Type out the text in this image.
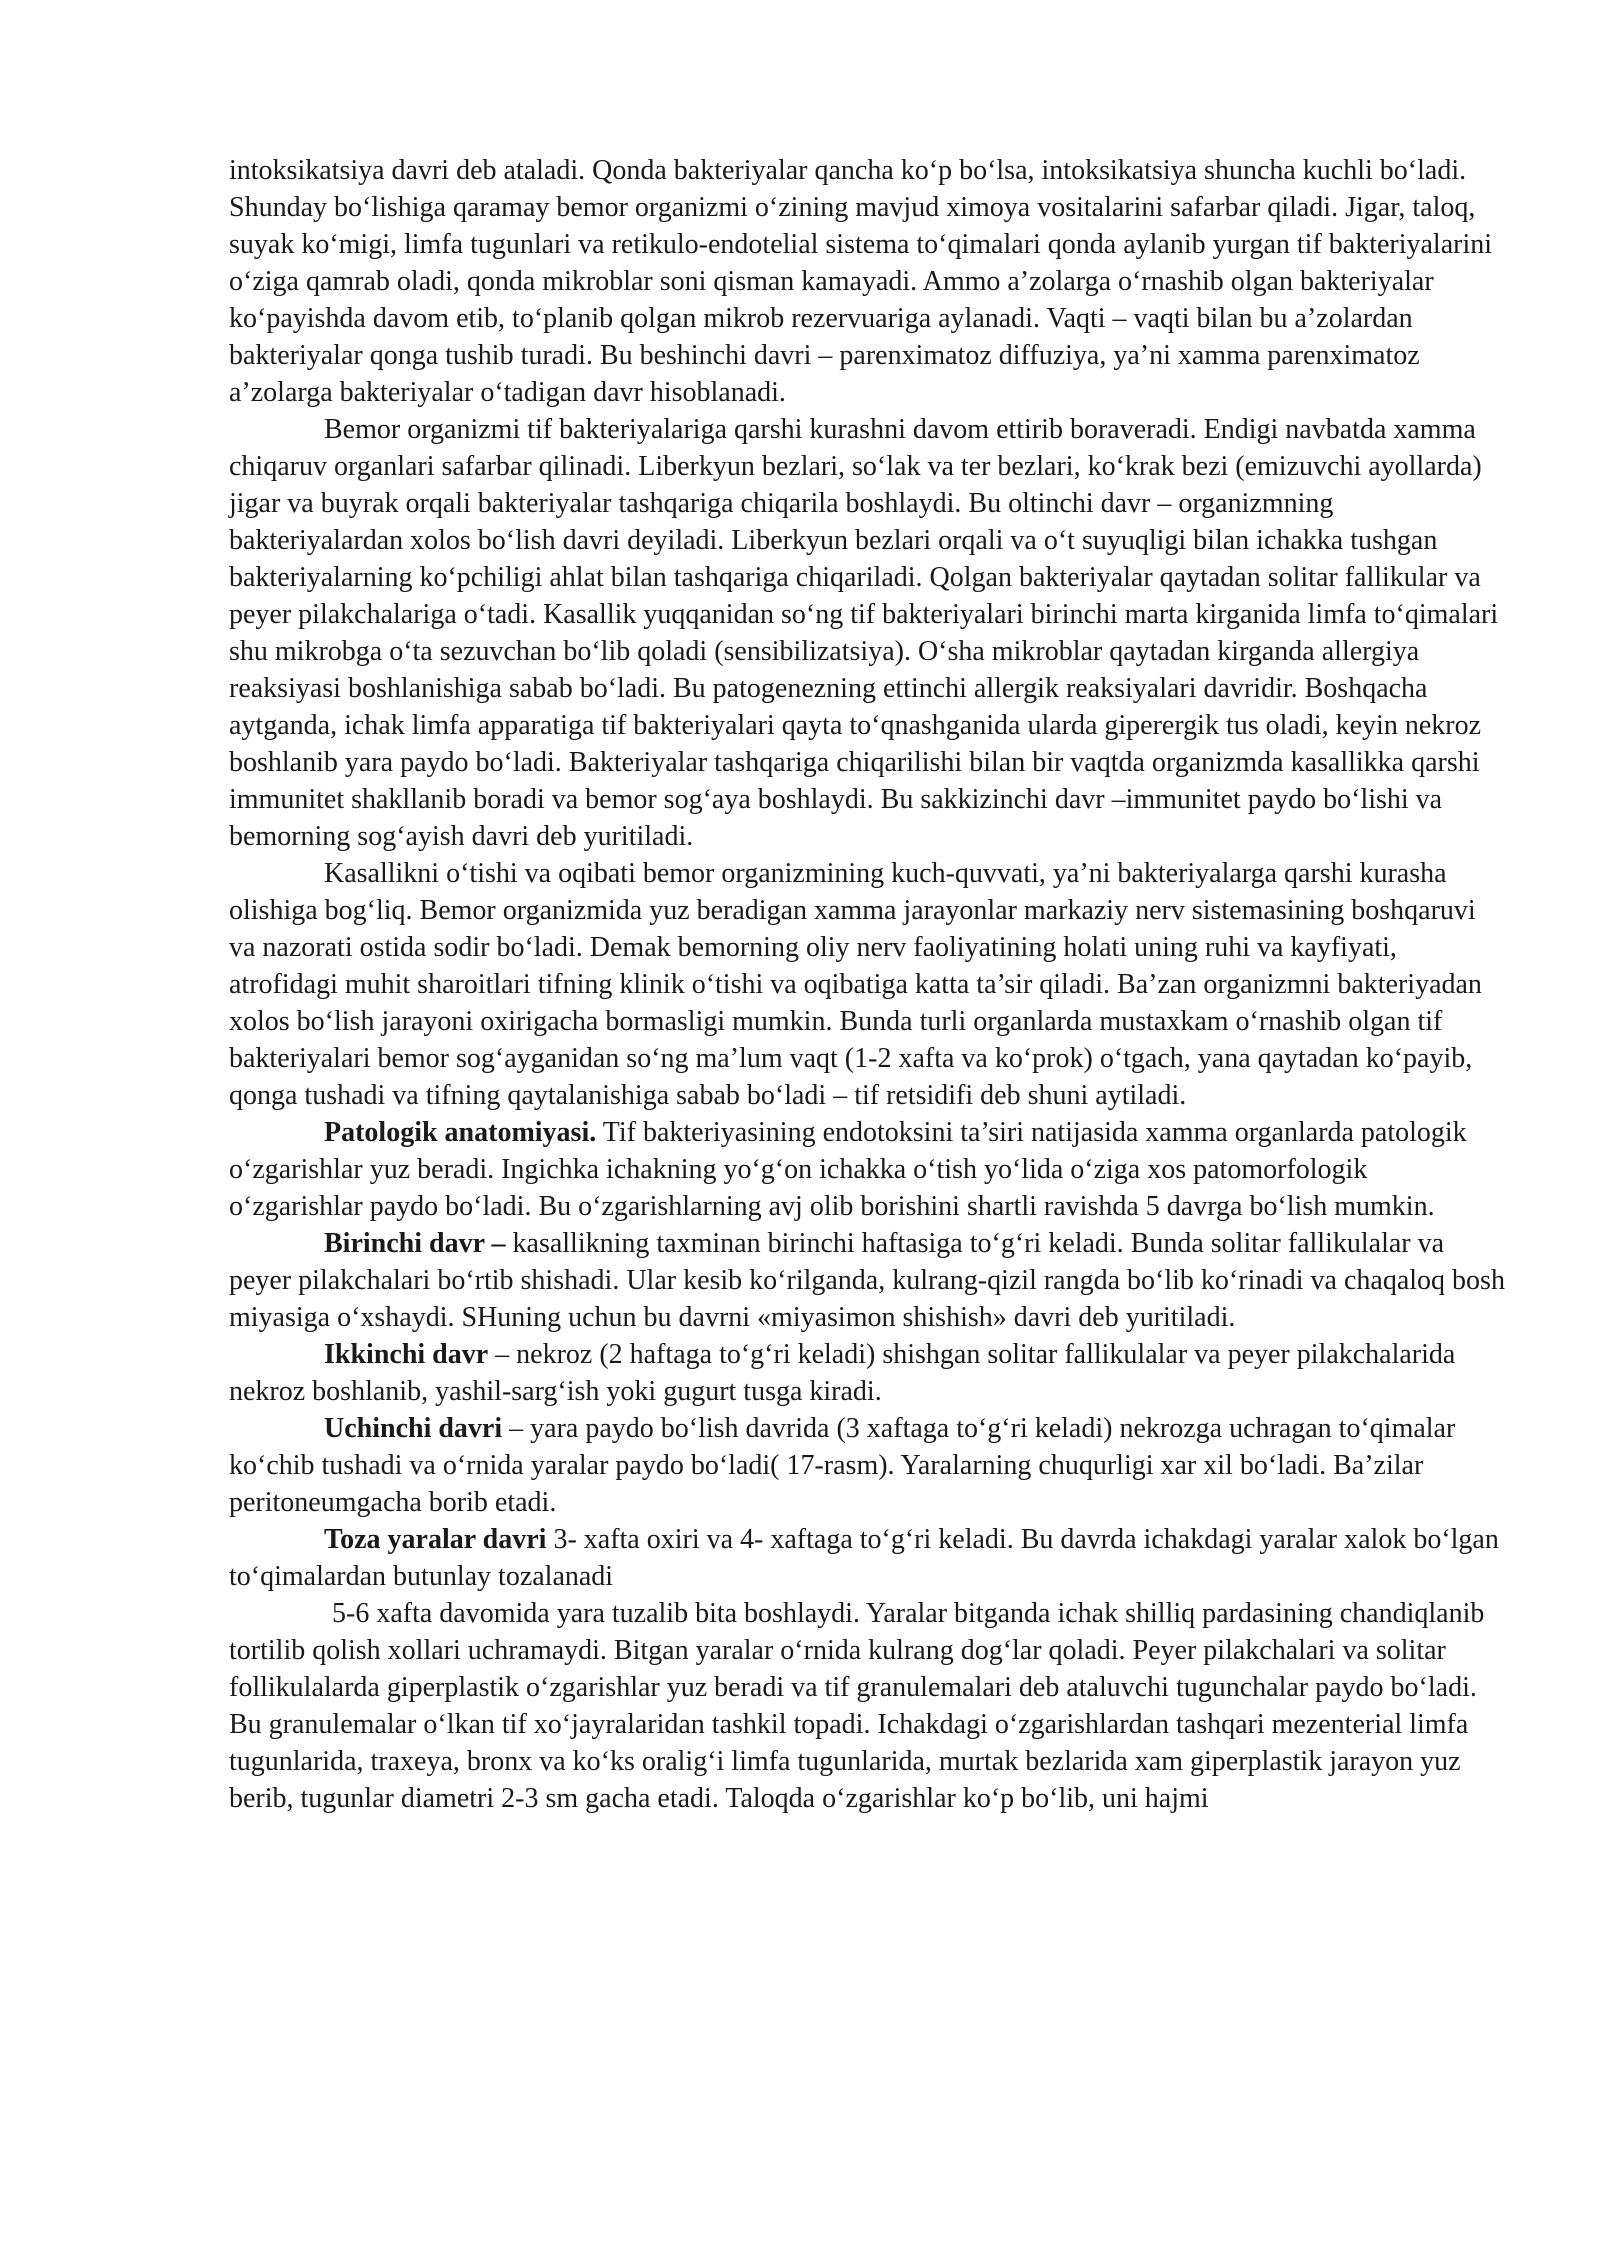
intoksikatsiya davri deb ataladi. Qonda bakteriyalar qancha ko‘p bo‘lsa, intoksikatsiya shuncha kuchli bo‘ladi. Shunday bo‘lishiga qaramay bemor organizmi o‘zining mavjud ximoya vositalarini safarbar qiladi. Jigar, taloq, suyak ko‘migi, limfa tugunlari va retikulo-endotelial sistema to‘qimalari qonda aylanib yurgan tif bakteriyalarini o‘ziga qamrab oladi, qonda mikroblar soni qisman kamayadi. Ammo a’zolarga o‘rnashib olgan bakteriyalar ko‘payishda davom etib, to‘planib qolgan mikrob rezervuariga aylanadi. Vaqti – vaqti bilan bu a’zolardan bakteriyalar qonga tushib turadi. Bu beshinchi davri – parenximatoz diffuziya, ya’ni xamma parenximatoz a’zolarga bakteriyalar o‘tadigan davr hisoblanadi.

Bemor organizmi tif bakteriyalariga qarshi kurashni davom ettirib boraveradi. Endigi navbatda xamma chiqaruv organlari safarbar qilinadi. Liberkyun bezlari, so‘lak va ter bezlari, ko‘krak bezi (emizuvchi ayollarda) jigar va buyrak orqali bakteriyalar tashqariga chiqarila boshlaydi. Bu oltinchi davr – organizmning bakteriyalardan xolos bo‘lish davri deyiladi. Liberkyun bezlari orqali va o‘t suyuqligi bilan ichakka tushgan bakteriyalarning ko‘pchiligi ahlat bilan tashqariga chiqariladi. Qolgan bakteriyalar qaytadan solitar fallikular va peyer pilakchalariga o‘tadi. Kasallik yuqqanidan so‘ng tif bakteriyalari birinchi marta kirganida limfa to‘qimalari shu mikrobga o‘ta sezuvchan bo‘lib qoladi (sensibilizatsiya). O‘sha mikroblar qaytadan kirganda allergiya reaksiyasi boshlanishiga sabab bo‘ladi. Bu patogenezning ettinchi allergik reaksiyalari davridir. Boshqacha aytganda, ichak limfa apparatiga tif bakteriyalari qayta to‘qnashganida ularda giperergik tus oladi, keyin nekroz boshlanib yara paydo bo‘ladi. Bakteriyalar tashqariga chiqarilishi bilan bir vaqtda organizmda kasallikka qarshi immunitet shakllanib boradi va bemor sog‘aya boshlaydi. Bu sakkizinchi davr –immunitet paydo bo‘lishi va bemorning sog‘ayish davri deb yuritiladi.

Kasallikni o‘tishi va oqibati bemor organizmining kuch-quvvati, ya’ni bakteriyalarga qarshi kurasha olishiga bog‘liq. Bemor organizmida yuz beradigan xamma jarayonlar markaziy nerv sistemasining boshqaruvi va nazorati ostida sodir bo‘ladi. Demak bemorning oliy nerv faoliyatining holati uning ruhi va kayfiyati, atrofidagi muhit sharoitlari tifning klinik o‘tishi va oqibatiga katta ta’sir qiladi. Ba’zan organizmni bakteriyadan xolos bo‘lish jarayoni oxirigacha bormasligi mumkin. Bunda turli organlarda mustaxkam o‘rnashib olgan tif bakteriyalari bemor sog‘ayganidan so‘ng ma’lum vaqt (1-2 xafta va ko‘prok) o‘tgach, yana qaytadan ko‘payib, qonga tushadi va tifning qaytalanishiga sabab bo‘ladi – tif retsidifi deb shuni aytiladi.

Patologik anatomiyasi. Tif bakteriyasining endotoksini ta’siri natijasida xamma organlarda patologik o‘zgarishlar yuz beradi. Ingichka ichakning yo‘g‘on ichakka o‘tish yo‘lida o‘ziga xos patomorfologik o‘zgarishlar paydo bo‘ladi. Bu o‘zgarishlarning avj olib borishini shartli ravishda 5 davrga bo‘lish mumkin.

Birinchi davr – kasallikning taxminan birinchi haftasiga to‘g‘ri keladi. Bunda solitar fallikulalar va peyer pilakchalari bo‘rtib shishadi. Ular kesib ko‘rilganda, kulrang-qizil rangda bo‘lib ko‘rinadi va chaqaloq bosh miyasiga o‘xshaydi. SHuning uchun bu davrni «miyasimon shishish» davri deb yuritiladi.

Ikkinchi davr – nekroz (2 haftaga to‘g‘ri keladi) shishgan solitar fallikulalar va peyer pilakchalarida nekroz boshlanib, yashil-sarg‘ish yoki gugurt tusga kiradi.

Uchinchi davri – yara paydo bo‘lish davrida (3 xaftaga to‘g‘ri keladi) nekrozga uchragan to‘qimalar ko‘chib tushadi va o‘rnida yaralar paydo bo‘ladi( 17-rasm). Yaralarning chuqurligi xar xil bo‘ladi. Ba’zilar peritoneumgacha borib etadi.

Toza yaralar davri 3- xafta oxiri va 4- xaftaga to‘g‘ri keladi. Bu davrda ichakdagi yaralar xalok bo‘lgan to‘qimalardan butunlay tozalanadi

5-6 xafta davomida yara tuzalib bita boshlaydi. Yaralar bitganda ichak shilliq pardasining chandiqlanib tortilib qolish xollari uchramaydi. Bitgan yaralar o‘rnida kulrang dog‘lar qoladi. Peyer pilakchalari va solitar follikulalarda giperplastik o‘zgarishlar yuz beradi va tif granulemalari deb ataluvchi tugunchalar paydo bo‘ladi. Bu granulemalar o‘lkan tif xo‘jayralaridan tashkil topadi. Ichakdagi o‘zgarishlardan tashqari mezenterial limfa tugunlarida, traxeya, bronx va ko‘ks oralig‘i limfa tugunlarida, murtak bezlarida xam giperplastik jarayon yuz berib, tugunlar diametri 2-3 sm gacha etadi. Taloqda o‘zgarishlar ko‘p bo‘lib, uni hajmi
